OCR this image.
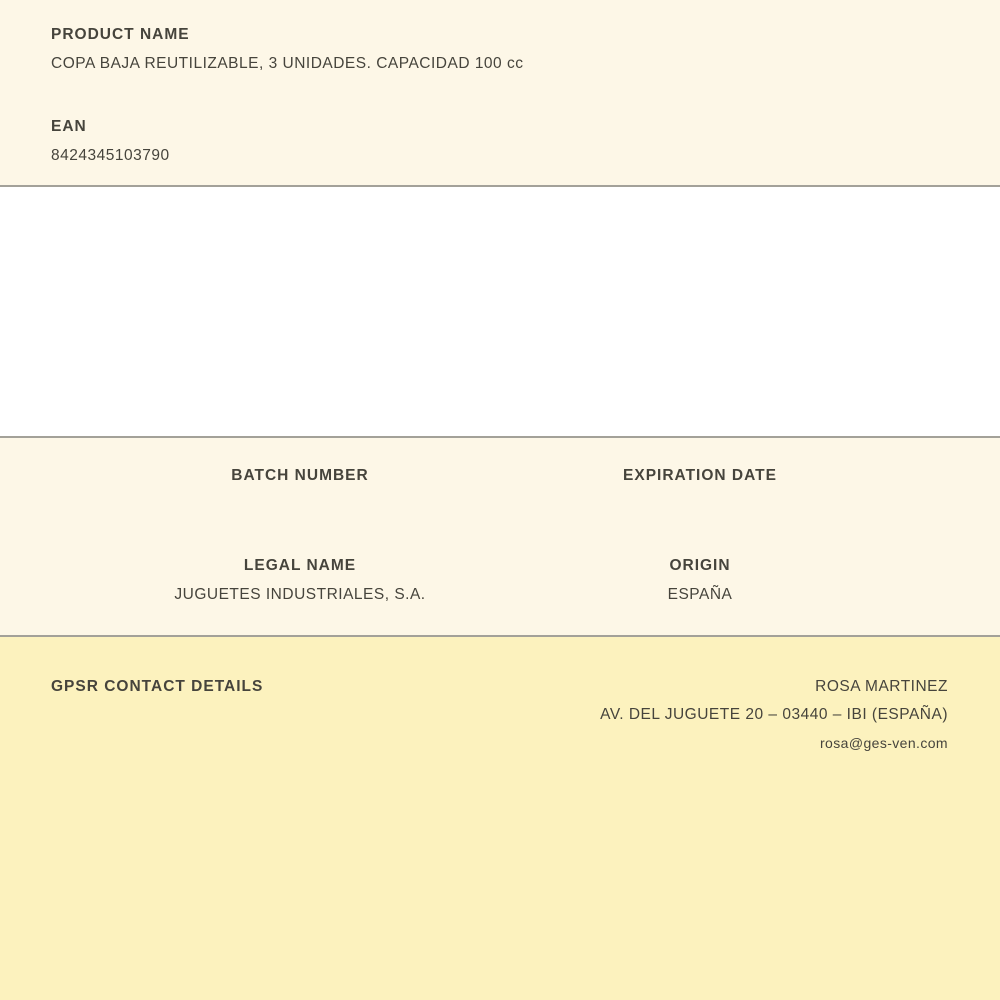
PRODUCT NAME
COPA BAJA REUTILIZABLE, 3 UNIDADES. CAPACIDAD 100 cc
EAN
8424345103790
BATCH NUMBER	EXPIRATION DATE
LEGAL NAME
JUGUETES INDUSTRIALES, S.A.
ORIGIN
ESPAÑA
GPSR CONTACT DETAILS	ROSA MARTINEZ
AV. DEL JUGUETE 20 – 03440 – IBI (ESPAÑA)
rosa@ges-ven.com
